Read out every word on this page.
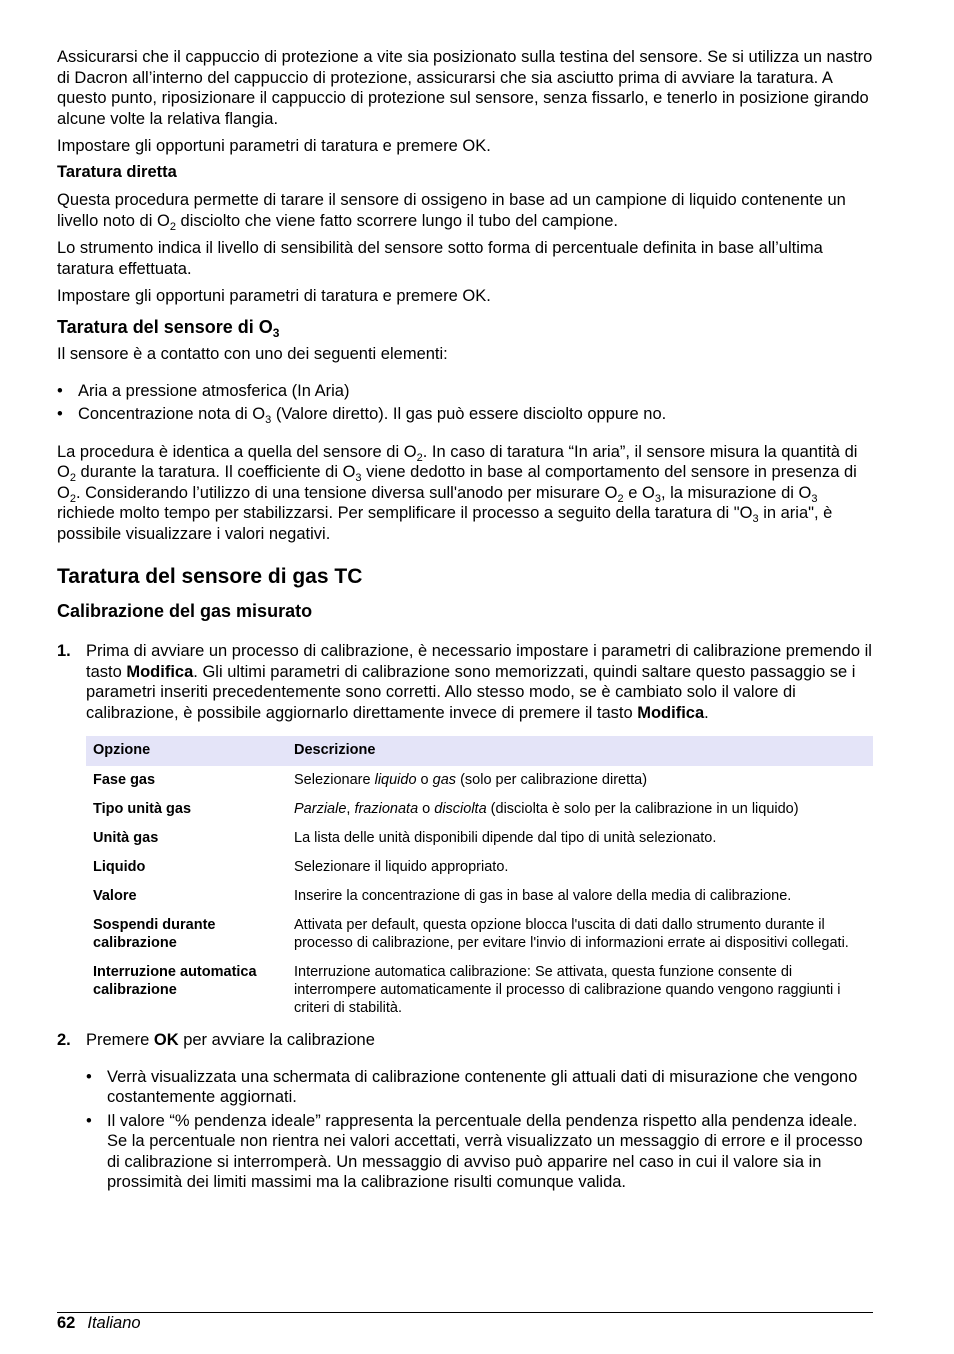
Assicurarsi che il cappuccio di protezione a vite sia posizionato sulla testina del sensore. Se si utilizza un nastro di Dacron all’interno del cappuccio di protezione, assicurarsi che sia asciutto prima di avviare la taratura. A questo punto, riposizionare il cappuccio di protezione sul sensore, senza fissarlo, e tenerlo in posizione girando alcune volte la relativa flangia.

Impostare gli opportuni parametri di taratura e premere OK.

Taratura diretta

Questa procedura permette di tarare il sensore di ossigeno in base ad un campione di liquido contenente un livello noto di $O_2$ disciolto che viene fatto scorrere lungo il tubo del campione.

Lo strumento indica il livello di sensibilità del sensore sotto forma di percentuale definita in base all’ultima taratura effettuata.

Impostare gli opportuni parametri di taratura e premere OK.

Taratura del sensore di $O_3$

Il sensore è a contatto con uno dei seguenti elementi:

• Aria a pressione atmosferica (In Aria)

• Concentrazione nota di $O_3$ (Valore diretto). Il gas può essere disciolto oppure no.

La procedura è identica a quella del sensore di $O_2$. In caso di taratura “In aria”, il sensore misura la quantità di $O_2$ durante la taratura. Il coefficiente di $O_3$ viene dedotto in base al comportamento del sensore in presenza di $O_2$. Considerando l’utilizzo di una tensione diversa sull'anodo per misurare $O_2$ e $O_3$, la misurazione di $O_3$ richiede molto tempo per stabilizzarsi. Per semplificare il processo a seguito della taratura di "$O_3$ in aria", è possibile visualizzare i valori negativi.

Taratura del sensore di gas TC
Calibrazione del gas misurato

1. Prima di avviare un processo di calibrazione, è necessario impostare i parametri di calibrazione premendo il tasto Modifica. Gli ultimi parametri di calibrazione sono memorizzati, quindi saltare questo passaggio se i parametri inseriti precedentemente sono corretti. Allo stesso modo, se è cambiato solo il valore di calibrazione, è possibile aggiornarlo direttamente invece di premere il tasto Modifica.

Opzione	Descrizione
Fase gas	Selezionare liquido o gas (solo per calibrazione diretta)
Tipo unità gas	Parziale, frazionata o disciolta (disciolta è solo per la calibrazione in un liquido)
Unità gas	La lista delle unità disponibili dipende dal tipo di unità selezionato.
Liquido	Selezionare il liquido appropriato.
Valore	Inserire la concentrazione di gas in base al valore della media di calibrazione.
Sospendi durante calibrazione	Attivata per default, questa opzione blocca l'uscita di dati dallo strumento durante il processo di calibrazione, per evitare l'invio di informazioni errate ai dispositivi collegati.
Interruzione automatica calibrazione	Interruzione automatica calibrazione: Se attivata, questa funzione consente di interrompere automaticamente il processo di calibrazione quando vengono raggiunti i criteri di stabilità.

2. Premere OK per avviare la calibrazione

• Verrà visualizzata una schermata di calibrazione contenente gli attuali dati di misurazione che vengono costantemente aggiornati.

• Il valore “% pendenza ideale” rappresenta la percentuale della pendenza rispetto alla pendenza ideale. Se la percentuale non rientra nei valori accettati, verrà visualizzato un messaggio di errore e il processo di calibrazione si interromperà. Un messaggio di avviso può apparire nel caso in cui il valore sia in prossimità dei limiti massimi ma la calibrazione risulti comunque valida.

62 Italiano
